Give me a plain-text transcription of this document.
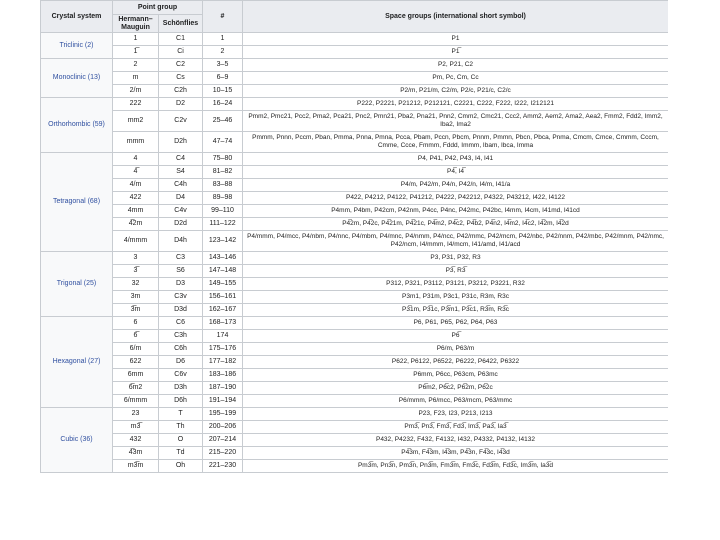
Crystal system	Point group		#	Space groups (international short symbol)
	Hermann–Mauguin	Schönflies		
Triclinic (2)	1	C1	1	P1
	1̅	Ci	2	P1̅
Monoclinic (13)	2	C2	3–5	P2, P21, C2
	m	Cs	6–9	Pm, Pc, Cm, Cc
	2/m	C2h	10–15	P2/m, P21/m, C2/m, P2/c, P21/c, C2/c
Orthorhombic (59)	222	D2	16–24	P222, P2221, P21212, P212121, C2221, C222, F222, I222, I212121
	mm2	C2v	25–46	Pmm2, Pmc21, Pcc2, Pma2, Pca21, Pnc2, Pmn21, Pba2, Pna21, Pnn2, Cmm2, Cmc21, Ccc2, Amm2, Aem2, Ama2, Aea2, Fmm2, Fdd2, Imm2, Iba2, Ima2
	mmm	D2h	47–74	Pmmm, Pnnn, Pccm, Pban, Pmma, Pnna, Pmna, Pcca, Pbam, Pccn, Pbcm, Pnnm, Pmmn, Pbcn, Pbca, Pnma, Cmcm, Cmce, Cmmm, Cccm, Cmme, Ccce, Fmmm, Fddd, Immm, Ibam, Ibca, Imma
Tetragonal (68)	4	C4	75–80	P4, P41, P42, P43, I4, I41
	4̅	S4	81–82	P4̅, I4̅
	4/m	C4h	83–88	P4/m, P42/m, P4/n, P42/n, I4/m, I41/a
	422	D4	89–98	P422, P4212, P4122, P41212, P4222, P42212, P4322, P43212, I422, I4122
	4mm	C4v	99–110	P4mm, P4bm, P42cm, P42nm, P4cc, P4nc, P42mc, P42bc, I4mm, I4cm, I41md, I41cd
	4̅2m	D2d	111–122	P4̅2m, P4̅2c, P4̅21m, P4̅21c, P4̅m2, P4̅c2, P4̅b2, P4̅n2, I4̅m2, I4̅c2, I4̅2m, I4̅2d
	4/mmm	D4h	123–142	P4/mmm, P4/mcc, P4/nbm, P4/nnc, P4/mbm, P4/mnc, P4/nmm, P4/ncc, P42/mmc, P42/mcm, P42/nbc, P42/nnm, P42/mbc, P42/mnm, P42/nmc, P42/ncm, I4/mmm, I4/mcm, I41/amd, I41/acd
Trigonal (25)	3	C3	143–146	P3, P31, P32, R3
	3̅	S6	147–148	P3̅, R3̅
	32	D3	149–155	P312, P321, P3112, P3121, P3212, P3221, R32
	3m	C3v	156–161	P3m1, P31m, P3c1, P31c, R3m, R3c
	3̅m	D3d	162–167	P3̅1m, P3̅1c, P3̅m1, P3̅c1, R3̅m, R3̅c
Hexagonal (27)	6	C6	168–173	P6, P61, P65, P62, P64, P63
	6̅	C3h	174	P6̅
	6/m	C6h	175–176	P6/m, P63/m
	622	D6	177–182	P622, P6122, P6522, P6222, P6422, P6322
	6mm	C6v	183–186	P6mm, P6cc, P63cm, P63mc
	6̅m2	D3h	187–190	P6̅m2, P6̅c2, P6̅2m, P6̅2c
	6/mmm	D6h	191–194	P6/mmm, P6/mcc, P63/mcm, P63/mmc
Cubic (36)	23	T	195–199	P23, F23, I23, P213, I213
	m3̅	Th	200–206	Pm3̅, Pn3̅, Fm3̅, Fd3̅, Im3̅, Pa3̅, Ia3̅
	432	O	207–214	P432, P4232, F432, F4132, I432, P4332, P4132, I4132
	4̅3m	Td	215–220	P4̅3m, F4̅3m, I4̅3m, P4̅3n, F4̅3c, I4̅3d
	m3̅m	Oh	221–230	Pm3̅m, Pn3̅n, Pm3̅n, Pn3̅m, Fm3̅m, Fm3̅c, Fd3̅m, Fd3̅c, Im3̅m, Ia3̅d
